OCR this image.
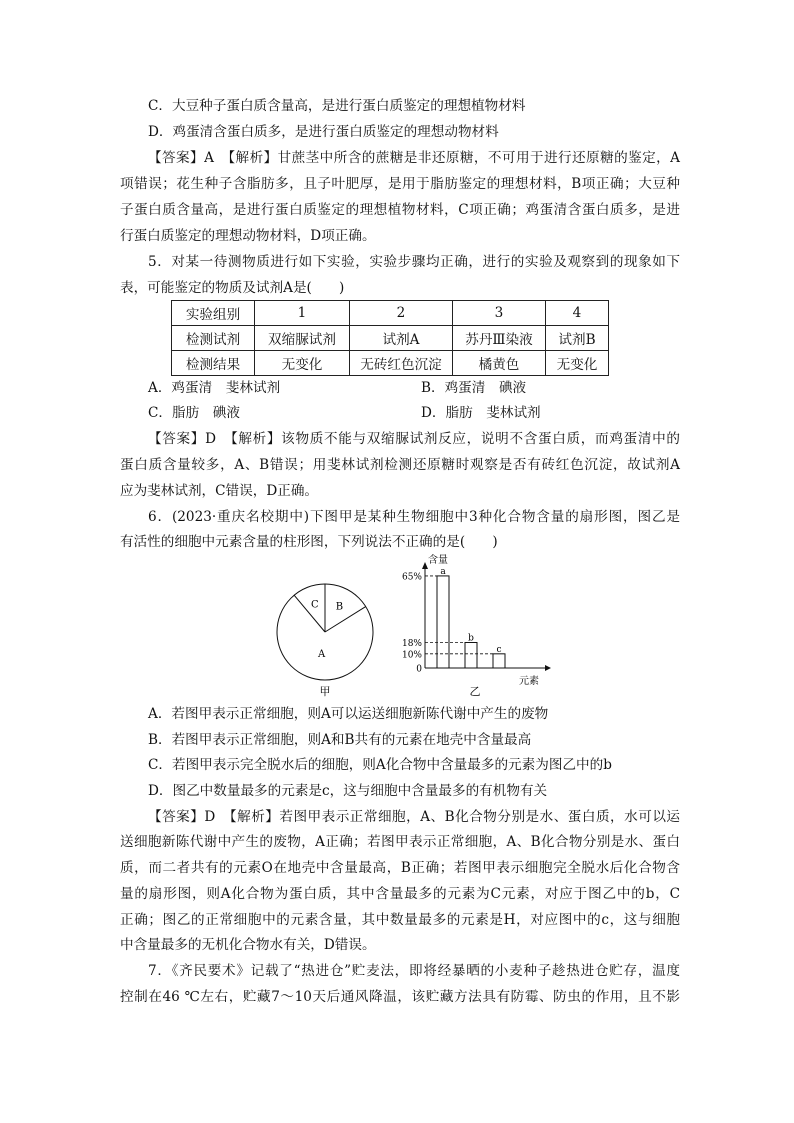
C．大豆种子蛋白质含量高，是进行蛋白质鉴定的理想植物材料
D．鸡蛋清含蛋白质多，是进行蛋白质鉴定的理想动物材料
【答案】A　【解析】甘蔗茎中所含的蔗糖是非还原糖，不可用于进行还原糖的鉴定，A
项错误；花生种子含脂肪多，且子叶肥厚，是用于脂肪鉴定的理想材料，B项正确；大豆种
子蛋白质含量高，是进行蛋白质鉴定的理想植物材料，C项正确；鸡蛋清含蛋白质多，是进
行蛋白质鉴定的理想动物材料，D项正确。
5．对某一待测物质进行如下实验，实验步骤均正确，进行的实验及观察到的现象如下
表，可能鉴定的物质及试剂A是(　　)
实验组别	1	2	3	4
检测试剂	双缩脲试剂	试剂A	苏丹Ⅲ染液	试剂B
检测结果	无变化	无砖红色沉淀	橘黄色	无变化
A．鸡蛋清　斐林试剂	B．鸡蛋清　碘液
C．脂肪　碘液	D．脂肪　斐林试剂
【答案】D　【解析】该物质不能与双缩脲试剂反应，说明不含蛋白质，而鸡蛋清中的
蛋白质含量较多，A、B错误；用斐林试剂检测还原糖时观察是否有砖红色沉淀，故试剂A
应为斐林试剂，C错误，D正确。
6．(2023·重庆名校期中)下图甲是某种生物细胞中3种化合物含量的扇形图，图乙是
有活性的细胞中元素含量的柱形图，下列说法不正确的是(　　)
A
B
C
甲
含量
元素
乙
0
10%
18%
65%
a
b
c
A．若图甲表示正常细胞，则A可以运送细胞新陈代谢中产生的废物
B．若图甲表示正常细胞，则A和B共有的元素在地壳中含量最高
C．若图甲表示完全脱水后的细胞，则A化合物中含量最多的元素为图乙中的b
D．图乙中数量最多的元素是c，这与细胞中含量最多的有机物有关
【答案】D　【解析】若图甲表示正常细胞，A、B化合物分别是水、蛋白质，水可以运
送细胞新陈代谢中产生的废物，A正确；若图甲表示正常细胞，A、B化合物分别是水、蛋白
质，而二者共有的元素O在地壳中含量最高，B正确；若图甲表示细胞完全脱水后化合物含
量的扇形图，则A化合物为蛋白质，其中含量最多的元素为C元素，对应于图乙中的b，C
正确；图乙的正常细胞中的元素含量，其中数量最多的元素是H，对应图中的c，这与细胞
中含量最多的无机化合物水有关，D错误。
7．《齐民要术》记载了“热进仓”贮麦法，即将经暴晒的小麦种子趁热进仓贮存，温度
控制在46 ℃左右，贮藏7～10天后通风降温，该贮藏方法具有防霉、防虫的作用，且不影
